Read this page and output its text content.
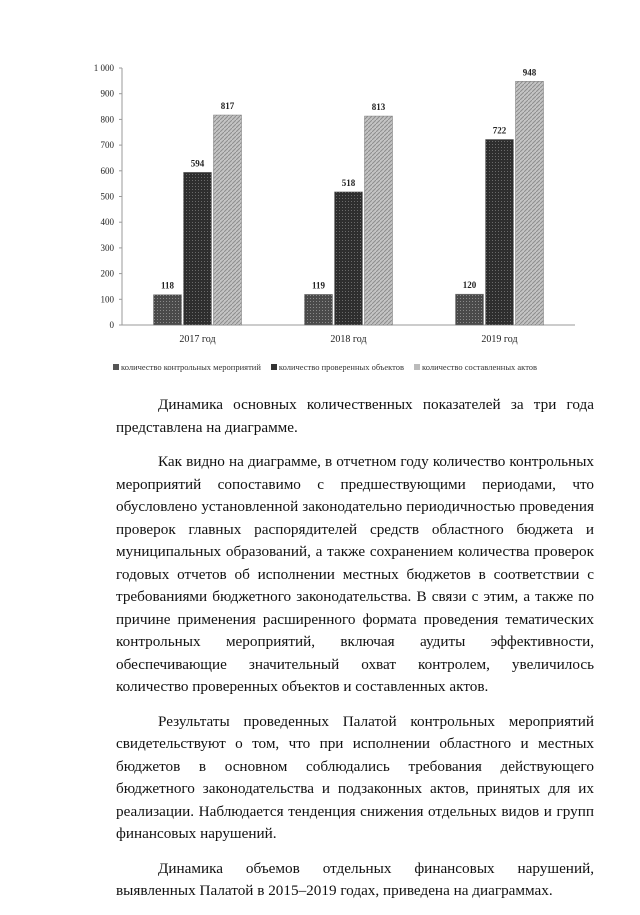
0
100
200
300
400
500
600
700
800
900
1 000
118
594
817
119
518
813
120
722
948
2017 год	2018 год	2019 год
количество контрольных мероприятий количество проверенных объектов количество составленных актов

Динамика основных количественных показателей за три года представлена на диаграмме.

Как видно на диаграмме, в отчетном году количество контрольных мероприятий сопоставимо с предшествующими периодами, что обусловлено установленной законодательно периодичностью проведения проверок главных распорядителей средств областного бюджета и муниципальных образований, а также сохранением количества проверок годовых отчетов об исполнении местных бюджетов в соответствии с требованиями бюджетного законодательства. В связи с этим, а также по причине применения расширенного формата проведения тематических контрольных мероприятий, включая аудиты эффективности, обеспечивающие значительный охват контролем, увеличилось количество проверенных объектов и составленных актов.

Результаты проведенных Палатой контрольных мероприятий свидетельствуют о том, что при исполнении областного и местных бюджетов в основном соблюдались требования действующего бюджетного законодательства и подзаконных актов, принятых для их реализации. Наблюдается тенденция снижения отдельных видов и групп финансовых нарушений.

Динамика объемов отдельных финансовых нарушений, выявленных Палатой в 2015–2019 годах, приведена на диаграммах.
